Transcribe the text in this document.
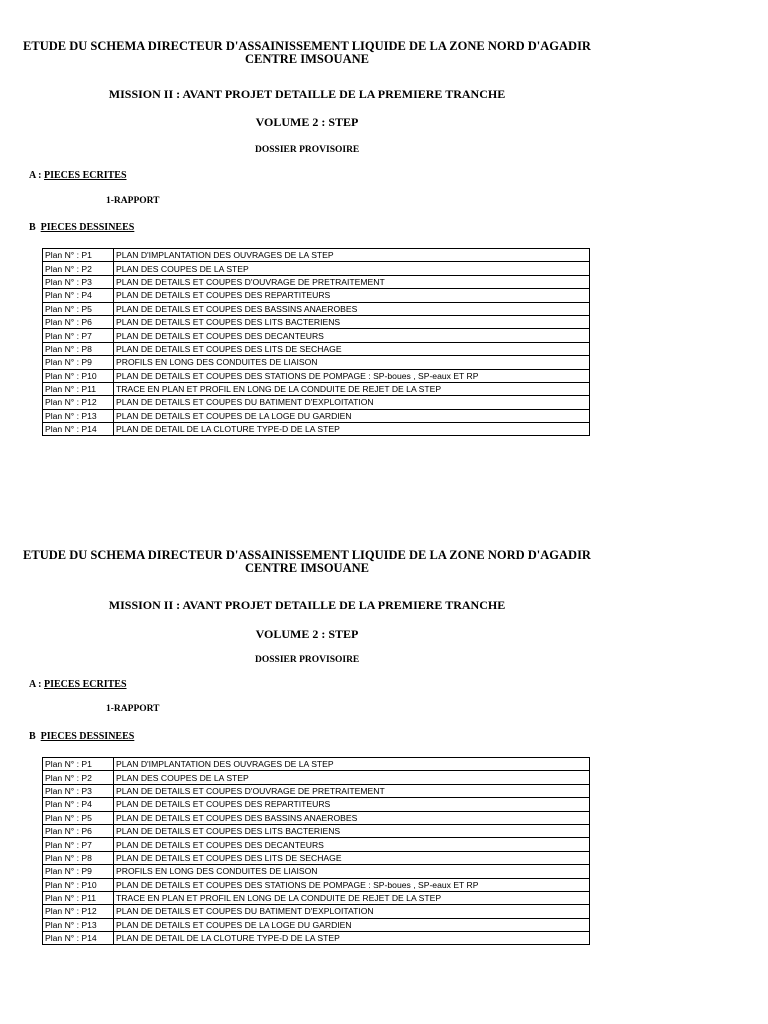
ETUDE DU SCHEMA DIRECTEUR D'ASSAINISSEMENT LIQUIDE DE LA ZONE NORD D'AGADIR
CENTRE IMSOUANE
MISSION II : AVANT PROJET DETAILLE DE LA PREMIERE TRANCHE
VOLUME 2 : STEP
DOSSIER PROVISOIRE
A : PIECES ECRITES
1-RAPPORT
B PIECES DESSINEES
Plan N° : P1	PLAN D'IMPLANTATION DES OUVRAGES DE LA STEP
Plan N° : P2	PLAN DES COUPES DE LA STEP
Plan N° : P3	PLAN DE DETAILS ET COUPES D'OUVRAGE DE PRETRAITEMENT
Plan N° : P4	PLAN DE DETAILS ET COUPES DES REPARTITEURS
Plan N° : P5	PLAN DE DETAILS ET COUPES DES BASSINS ANAEROBES
Plan N° : P6	PLAN DE DETAILS ET COUPES DES LITS BACTERIENS
Plan N° : P7	PLAN DE DETAILS ET COUPES DES DECANTEURS
Plan N° : P8	PLAN DE DETAILS ET COUPES DES LITS DE SECHAGE
Plan N° : P9	PROFILS EN LONG DES CONDUITES DE LIAISON
Plan N° : P10	PLAN DE DETAILS ET COUPES DES STATIONS DE POMPAGE : SP-boues , SP-eaux ET RP
Plan N° : P11	TRACE EN PLAN ET PROFIL EN LONG DE LA CONDUITE DE REJET DE LA STEP
Plan N° : P12	PLAN DE DETAILS ET COUPES DU BATIMENT D'EXPLOITATION
Plan N° : P13	PLAN DE DETAILS ET COUPES DE LA LOGE DU GARDIEN
Plan N° : P14	PLAN DE DETAIL DE LA CLOTURE TYPE-D DE LA STEP
ETUDE DU SCHEMA DIRECTEUR D'ASSAINISSEMENT LIQUIDE DE LA ZONE NORD D'AGADIR
CENTRE IMSOUANE
MISSION II : AVANT PROJET DETAILLE DE LA PREMIERE TRANCHE
VOLUME 2 : STEP
DOSSIER PROVISOIRE
A : PIECES ECRITES
1-RAPPORT
B PIECES DESSINEES
Plan N° : P1	PLAN D'IMPLANTATION DES OUVRAGES DE LA STEP
Plan N° : P2	PLAN DES COUPES DE LA STEP
Plan N° : P3	PLAN DE DETAILS ET COUPES D'OUVRAGE DE PRETRAITEMENT
Plan N° : P4	PLAN DE DETAILS ET COUPES DES REPARTITEURS
Plan N° : P5	PLAN DE DETAILS ET COUPES DES BASSINS ANAEROBES
Plan N° : P6	PLAN DE DETAILS ET COUPES DES LITS BACTERIENS
Plan N° : P7	PLAN DE DETAILS ET COUPES DES DECANTEURS
Plan N° : P8	PLAN DE DETAILS ET COUPES DES LITS DE SECHAGE
Plan N° : P9	PROFILS EN LONG DES CONDUITES DE LIAISON
Plan N° : P10	PLAN DE DETAILS ET COUPES DES STATIONS DE POMPAGE : SP-boues , SP-eaux ET RP
Plan N° : P11	TRACE EN PLAN ET PROFIL EN LONG DE LA CONDUITE DE REJET DE LA STEP
Plan N° : P12	PLAN DE DETAILS ET COUPES DU BATIMENT D'EXPLOITATION
Plan N° : P13	PLAN DE DETAILS ET COUPES DE LA LOGE DU GARDIEN
Plan N° : P14	PLAN DE DETAIL DE LA CLOTURE TYPE-D DE LA STEP
